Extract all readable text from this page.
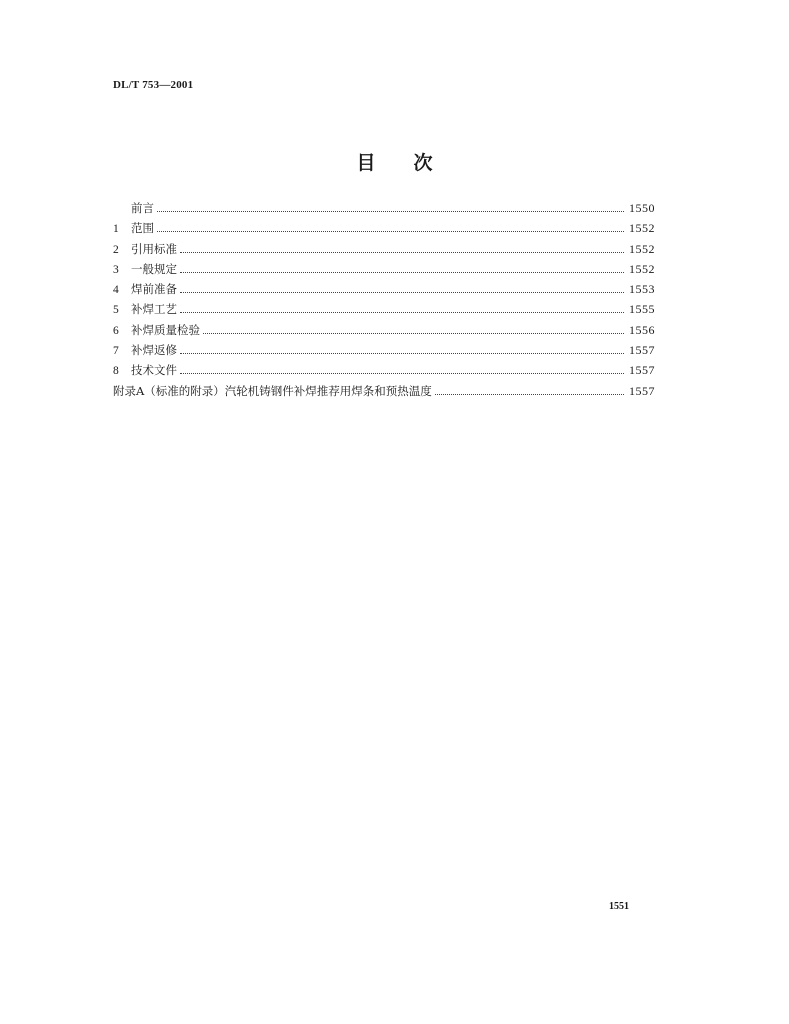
DL/T 753—2001
目次
前言	1550
1	范围	1552
2	引用标准	1552
3	一般规定	1552
4	焊前准备	1553
5	补焊工艺	1555
6	补焊质量检验	1556
7	补焊返修	1557
8	技术文件	1557
附录A（标准的附录）汽轮机铸钢件补焊推荐用焊条和预热温度	1557
1551
